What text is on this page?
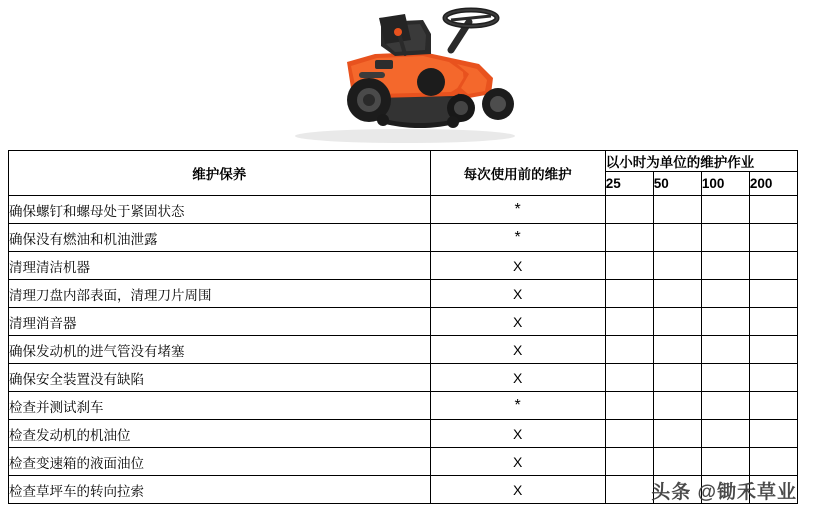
维护保养	每次使用前的维护	以小时为单位的维护作业			
		25	50	100	200
确保螺钉和螺母处于紧固状态	*				
确保没有燃油和机油泄露	*				
清理清洁机器	X				
清理刀盘内部表面，清理刀片周围	X				
清理消音器	X				
确保发动机的进气管没有堵塞	X				
确保安全装置没有缺陷	X				
检查并测试刹车	*				
检查发动机的机油位	X				
检查变速箱的液面油位	X				
检查草坪车的转向拉索	X					头条 @锄禾草业
